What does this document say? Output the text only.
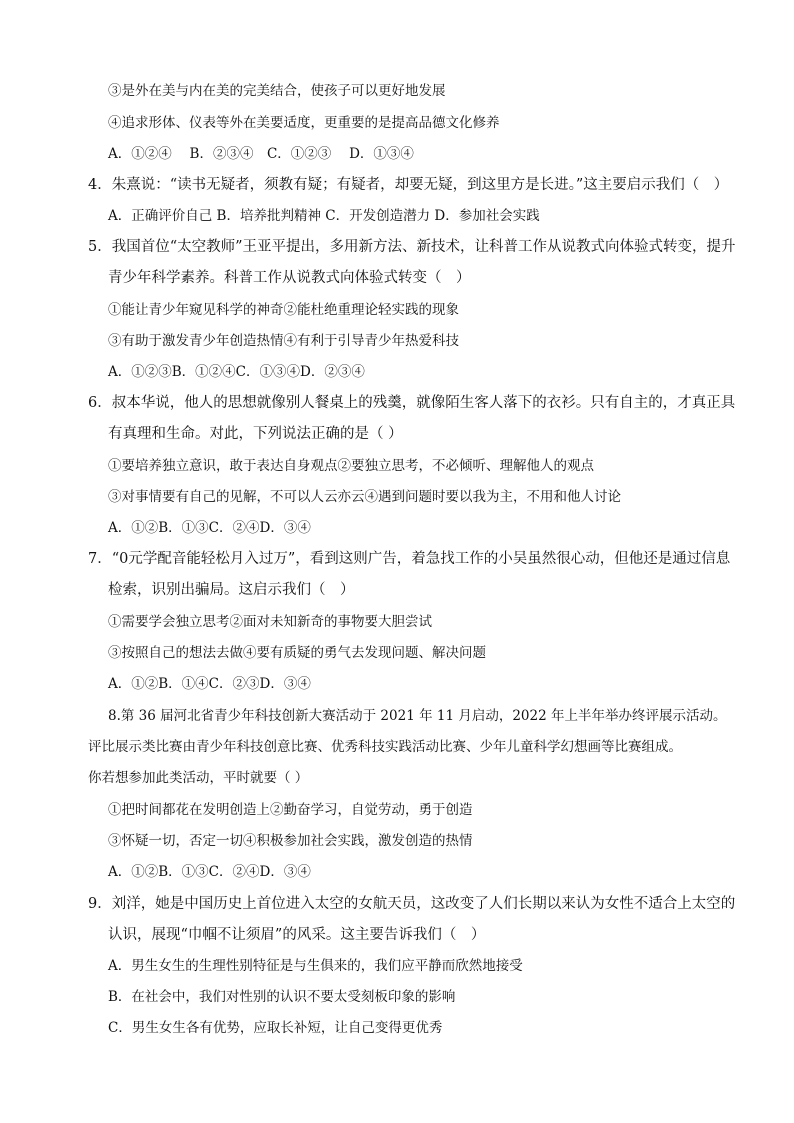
③是外在美与内在美的完美结合，使孩子可以更好地发展
④追求形体、仪表等外在美要适度，更重要的是提高品德文化修养
A．①②④　 B．②③④　C．①②③　 D．①③④
4．朱熹说：“读书无疑者，须教有疑；有疑者，却要无疑，到这里方是长进。”这主要启示我们（　）
A．正确评价自己 B．培养批判精神 C．开发创造潜力 D．参加社会实践
5．我国首位“太空教师”王亚平提出，多用新方法、新技术，让科普工作从说教式向体验式转变，提升
青少年科学素养。科普工作从说教式向体验式转变（　）
①能让青少年窥见科学的神奇②能杜绝重理论轻实践的现象
③有助于激发青少年创造热情④有利于引导青少年热爱科技
A．①②③B．①②④C．①③④D．②③④
6．叔本华说，他人的思想就像别人餐桌上的残羹，就像陌生客人落下的衣衫。只有自主的，才真正具
有真理和生命。对此，下列说法正确的是（ ）
①要培养独立意识，敢于表达自身观点②要独立思考，不必倾听、理解他人的观点
③对事情要有自己的见解，不可以人云亦云④遇到问题时要以我为主，不用和他人讨论
A．①②B．①③C．②④D．③④
7．“0元学配音能轻松月入过万”，看到这则广告，着急找工作的小吴虽然很心动，但他还是通过信息
检索，识别出骗局。这启示我们（　）
①需要学会独立思考②面对未知新奇的事物要大胆尝试
③按照自己的想法去做④要有质疑的勇气去发现问题、解决问题
A．①②B．①④C．②③D．③④
8.第 36 届河北省青少年科技创新大赛活动于 2021 年 11 月启动，2022 年上半年举办终评展示活动。
评比展示类比赛由青少年科技创意比赛、优秀科技实践活动比赛、少年儿童科学幻想画等比赛组成。
你若想参加此类活动，平时就要（ ）
①把时间都花在发明创造上②勤奋学习，自觉劳动，勇于创造
③怀疑一切，否定一切④积极参加社会实践，激发创造的热情
A．①②B．①③C．②④D．③④
9．刘洋，她是中国历史上首位进入太空的女航天员，这改变了人们长期以来认为女性不适合上太空的
认识，展现“巾帼不让须眉”的风采。这主要告诉我们（　）
A．男生女生的生理性别特征是与生俱来的，我们应平静而欣然地接受
B．在社会中，我们对性别的认识不要太受刻板印象的影响
C．男生女生各有优势，应取长补短，让自己变得更优秀
